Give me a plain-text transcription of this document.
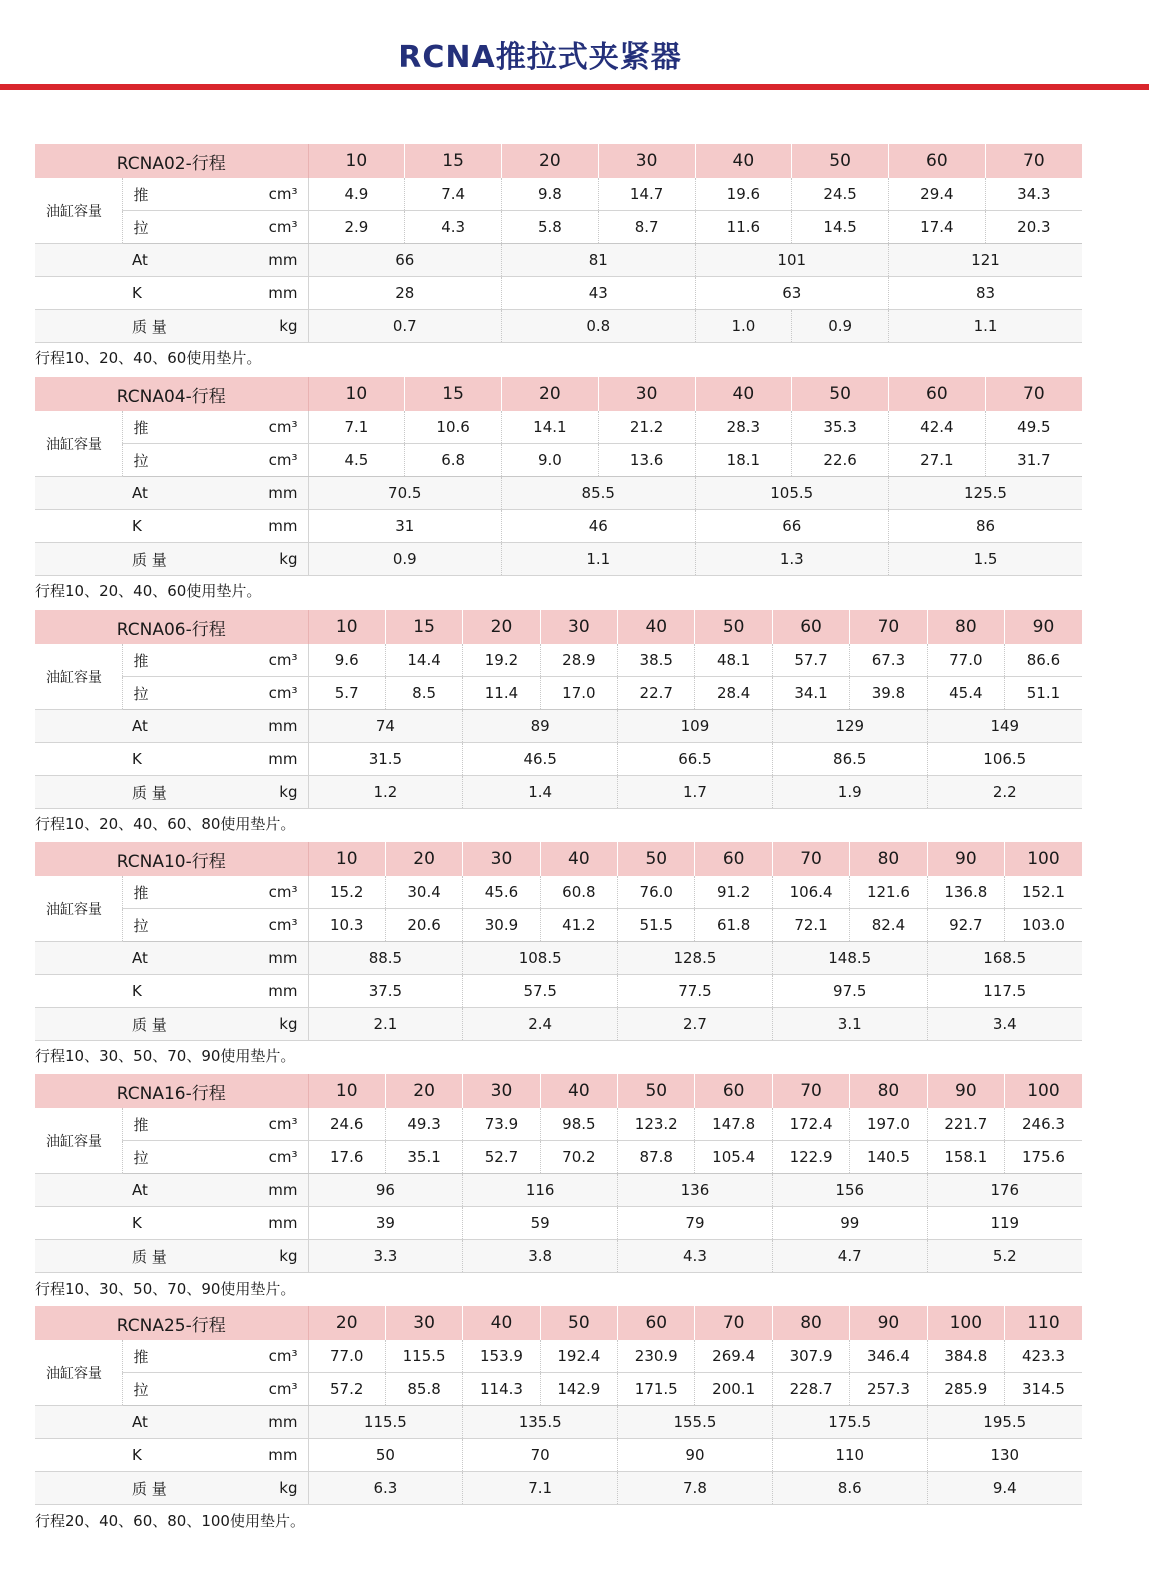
RCNA推拉式夹紧器
RCNA02-行程			10	15	20	30	40	50	60	70
油缸容量	推	cm³	4.9	7.4	9.8	14.7	19.6	24.5	29.4	34.3
	拉	cm³	2.9	4.3	5.8	8.7	11.6	14.5	17.4	20.3
At		mm	66		81		101		121	
K		mm	28		43		63		83	
质 量		kg	0.7		0.8		1.0	0.9	1.1	
行程10、20、40、60使用垫片。
RCNA04-行程			10	15	20	30	40	50	60	70
油缸容量	推	cm³	7.1	10.6	14.1	21.2	28.3	35.3	42.4	49.5
	拉	cm³	4.5	6.8	9.0	13.6	18.1	22.6	27.1	31.7
At		mm	70.5		85.5		105.5		125.5	
K		mm	31		46		66		86	
质 量		kg	0.9		1.1		1.3		1.5	
行程10、20、40、60使用垫片。
RCNA06-行程			10	15	20	30	40	50	60	70	80	90
油缸容量	推	cm³	9.6	14.4	19.2	28.9	38.5	48.1	57.7	67.3	77.0	86.6
	拉	cm³	5.7	8.5	11.4	17.0	22.7	28.4	34.1	39.8	45.4	51.1
At		mm	74		89		109		129		149	
K		mm	31.5		46.5		66.5		86.5		106.5	
质 量		kg	1.2		1.4		1.7		1.9		2.2	
行程10、20、40、60、80使用垫片。
RCNA10-行程			10	20	30	40	50	60	70	80	90	100
油缸容量	推	cm³	15.2	30.4	45.6	60.8	76.0	91.2	106.4	121.6	136.8	152.1
	拉	cm³	10.3	20.6	30.9	41.2	51.5	61.8	72.1	82.4	92.7	103.0
At		mm	88.5		108.5		128.5		148.5		168.5	
K		mm	37.5		57.5		77.5		97.5		117.5	
质 量		kg	2.1		2.4		2.7		3.1		3.4	
行程10、30、50、70、90使用垫片。
RCNA16-行程			10	20	30	40	50	60	70	80	90	100
油缸容量	推	cm³	24.6	49.3	73.9	98.5	123.2	147.8	172.4	197.0	221.7	246.3
	拉	cm³	17.6	35.1	52.7	70.2	87.8	105.4	122.9	140.5	158.1	175.6
At		mm	96		116		136		156		176	
K		mm	39		59		79		99		119	
质 量		kg	3.3		3.8		4.3		4.7		5.2	
行程10、30、50、70、90使用垫片。
RCNA25-行程			20	30	40	50	60	70	80	90	100	110
油缸容量	推	cm³	77.0	115.5	153.9	192.4	230.9	269.4	307.9	346.4	384.8	423.3
	拉	cm³	57.2	85.8	114.3	142.9	171.5	200.1	228.7	257.3	285.9	314.5
At		mm	115.5		135.5		155.5		175.5		195.5	
K		mm	50		70		90		110		130	
质 量		kg	6.3		7.1		7.8		8.6		9.4	
行程20、40、60、80、100使用垫片。
